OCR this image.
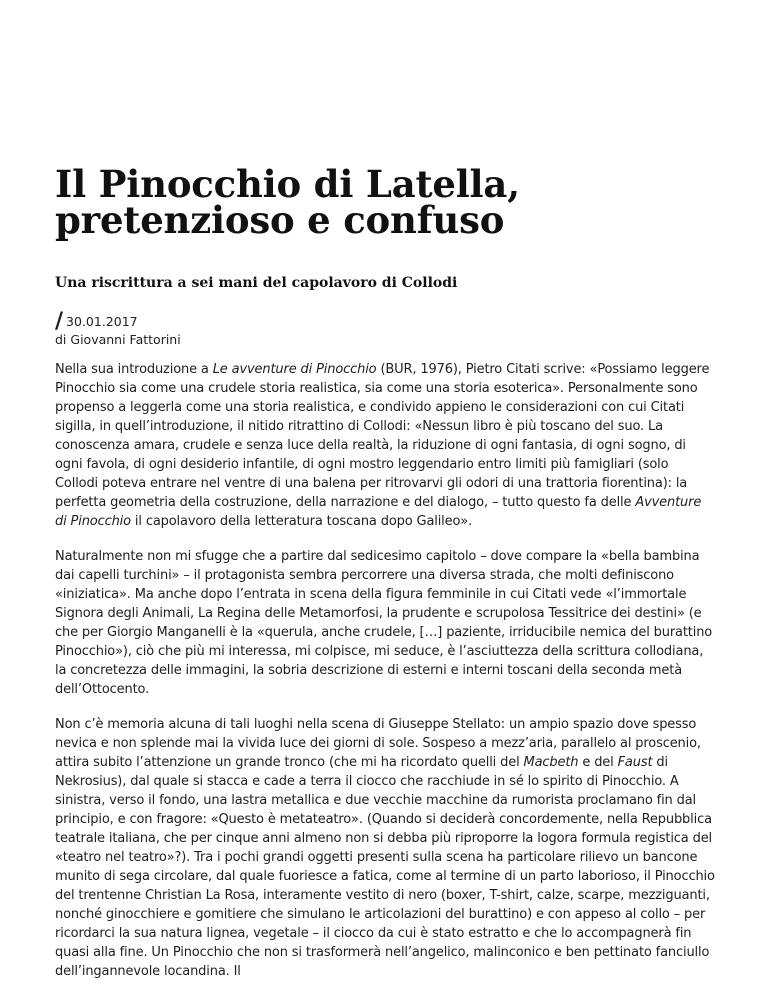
Il Pinocchio di Latella,
pretenzioso e confuso
Una riscrittura a sei mani del capolavoro di Collodi
/ 30.01.2017
di Giovanni Fattorini

Nella sua introduzione a Le avventure di Pinocchio (BUR, 1976), Pietro Citati scrive: «Possiamo leggere Pinocchio sia come una crudele storia realistica, sia come una storia esoterica». Personalmente sono propenso a leggerla come una storia realistica, e condivido appieno le considerazioni con cui Citati sigilla, in quell’introduzione, il nitido ritrattino di Collodi: «Nessun libro è più toscano del suo. La conoscenza amara, crudele e senza luce della realtà, la riduzione di ogni fantasia, di ogni sogno, di ogni favola, di ogni desiderio infantile, di ogni mostro leggendario entro limiti più famigliari (solo Collodi poteva entrare nel ventre di una balena per ritrovarvi gli odori di una trattoria fiorentina): la perfetta geometria della costruzione, della narrazione e del dialogo, – tutto questo fa delle Avventure di Pinocchio il capolavoro della letteratura toscana dopo Galileo».

Naturalmente non mi sfugge che a partire dal sedicesimo capitolo – dove compare la «bella bambina dai capelli turchini» – il protagonista sembra percorrere una diversa strada, che molti definiscono «iniziatica». Ma anche dopo l’entrata in scena della figura femminile in cui Citati vede «l’immortale Signora degli Animali, La Regina delle Metamorfosi, la prudente e scrupolosa Tessitrice dei destini» (e che per Giorgio Manganelli è la «querula, anche crudele, […] paziente, irriducibile nemica del burattino Pinocchio»), ciò che più mi interessa, mi colpisce, mi seduce, è l’asciuttezza della scrittura collodiana, la concretezza delle immagini, la sobria descrizione di esterni e interni toscani della seconda metà dell’Ottocento.

Non c’è memoria alcuna di tali luoghi nella scena di Giuseppe Stellato: un ampio spazio dove spesso nevica e non splende mai la vivida luce dei giorni di sole. Sospeso a mezz’aria, parallelo al proscenio, attira subito l’attenzione un grande tronco (che mi ha ricordato quelli del Macbeth e del Faust di Nekrosius), dal quale si stacca e cade a terra il ciocco che racchiude in sé lo spirito di Pinocchio. A sinistra, verso il fondo, una lastra metallica e due vecchie macchine da rumorista proclamano fin dal principio, e con fragore: «Questo è metateatro». (Quando si deciderà concordemente, nella Repubblica teatrale italiana, che per cinque anni almeno non si debba più riproporre la logora formula registica del «teatro nel teatro»?). Tra i pochi grandi oggetti presenti sulla scena ha particolare rilievo un bancone munito di sega circolare, dal quale fuoriesce a fatica, come al termine di un parto laborioso, il Pinocchio del trentenne Christian La Rosa, interamente vestito di nero (boxer, T-shirt, calze, scarpe, mezziguanti, nonché ginocchiere e gomitiere che simulano le articolazioni del burattino) e con appeso al collo – per ricordarci la sua natura lignea, vegetale – il ciocco da cui è stato estratto e che lo accompagnerà fin quasi alla fine. Un Pinocchio che non si trasformerà nell’angelico, malinconico e ben pettinato fanciullo dell’ingannevole locandina. Il
